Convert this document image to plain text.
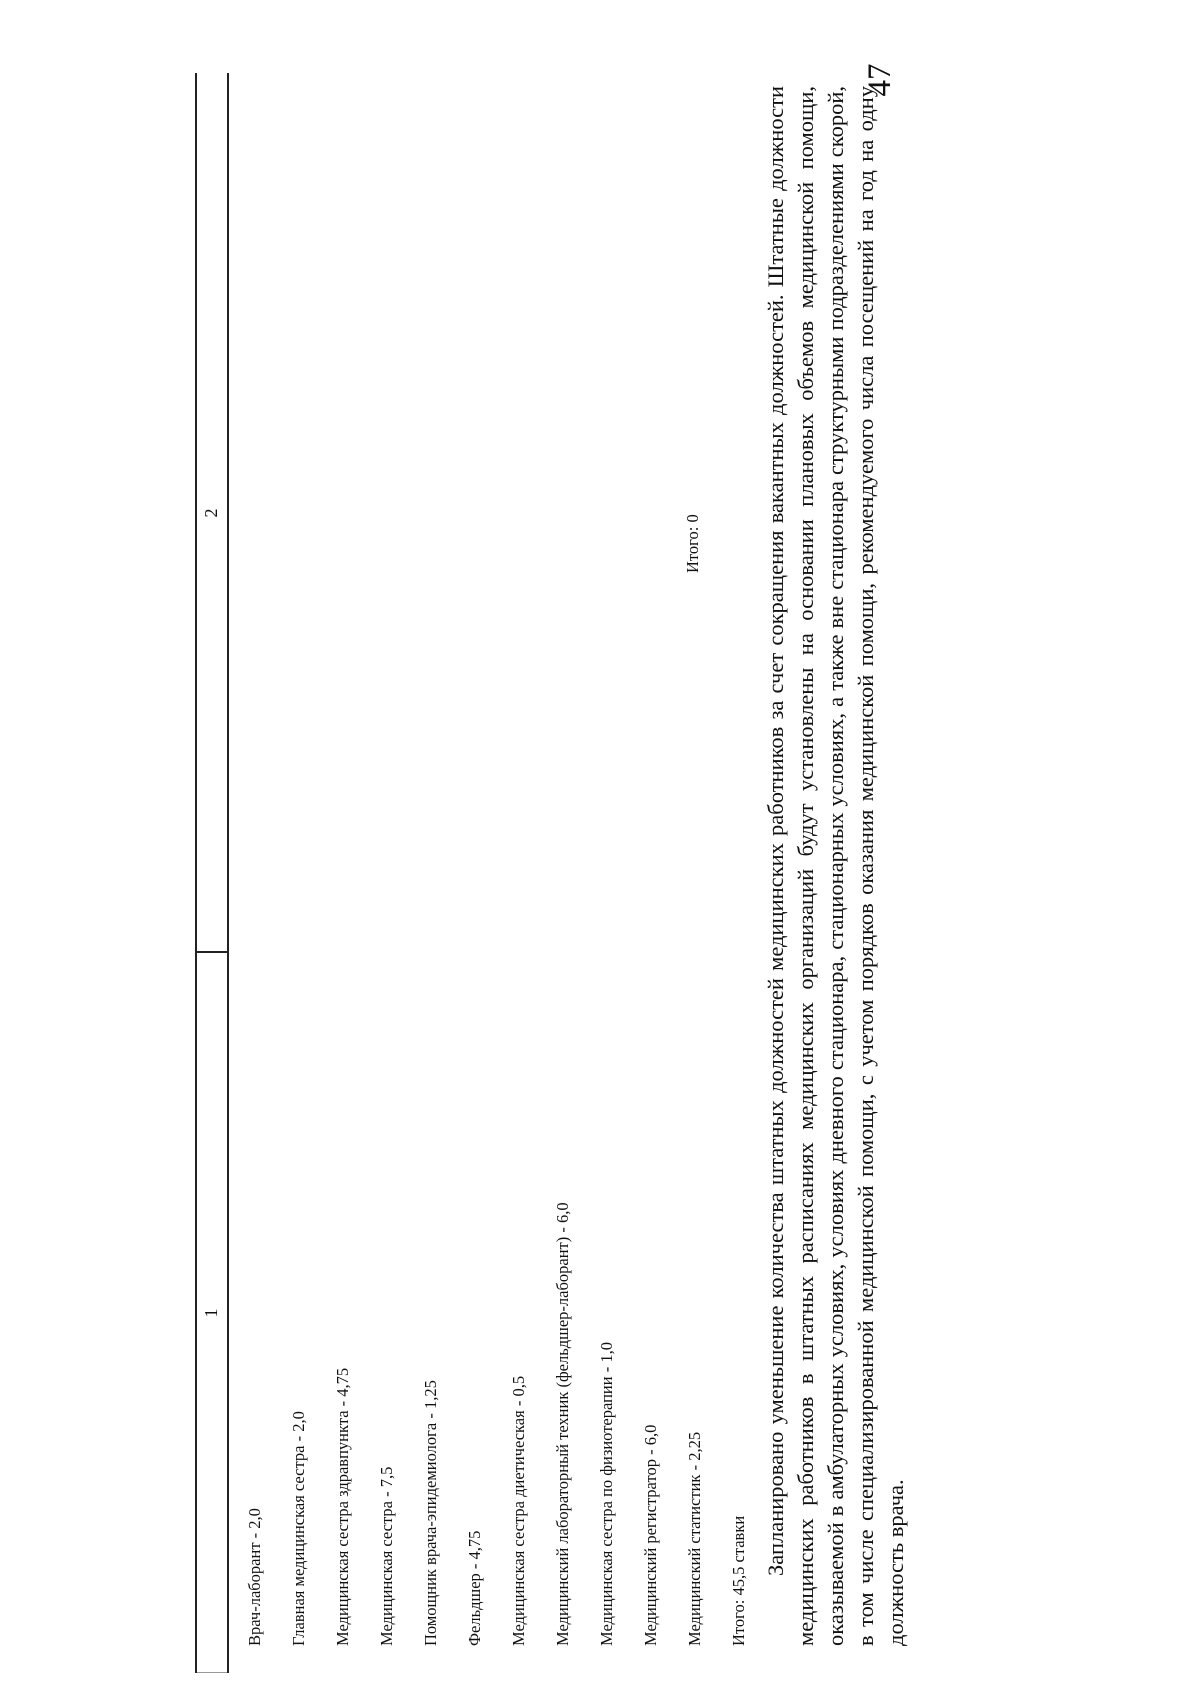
47
1
2
Врач-лаборант - 2,0 Главная медицинская сестра - 2,0 Медицинская сестра здравпункта - 4,75 Медицинская сестра - 7,5 Помощник врача-эпидемиолога - 1,25 Фельдшер - 4,75 Медицинская сестра диетическая - 0,5 Медицинский лабораторный техник (фельдшер-лаборант) - 6,0 Медицинская сестра по физиотерапии - 1,0 Медицинский регистратор - 6,0 Медицинский статистик - 2,25 Итого: 45,5 ставки
Итого: 0	Запланировано уменьшение количества штатных должностей медицинских работников за счет сокращения вакантных должностей. Штатные должности медицинских работников в штатных расписаниях медицинских организаций будут установлены на основании плановых объемов медицинской помощи, оказываемой в амбулаторных условиях, условиях дневного стационара, стационарных условиях, а также вне стационара структурными подразделениями скорой, в том числе специализированной медицинской помощи, с учетом порядков оказания медицинской помощи, рекомендуемого числа посещений на год на одну должность врача.
